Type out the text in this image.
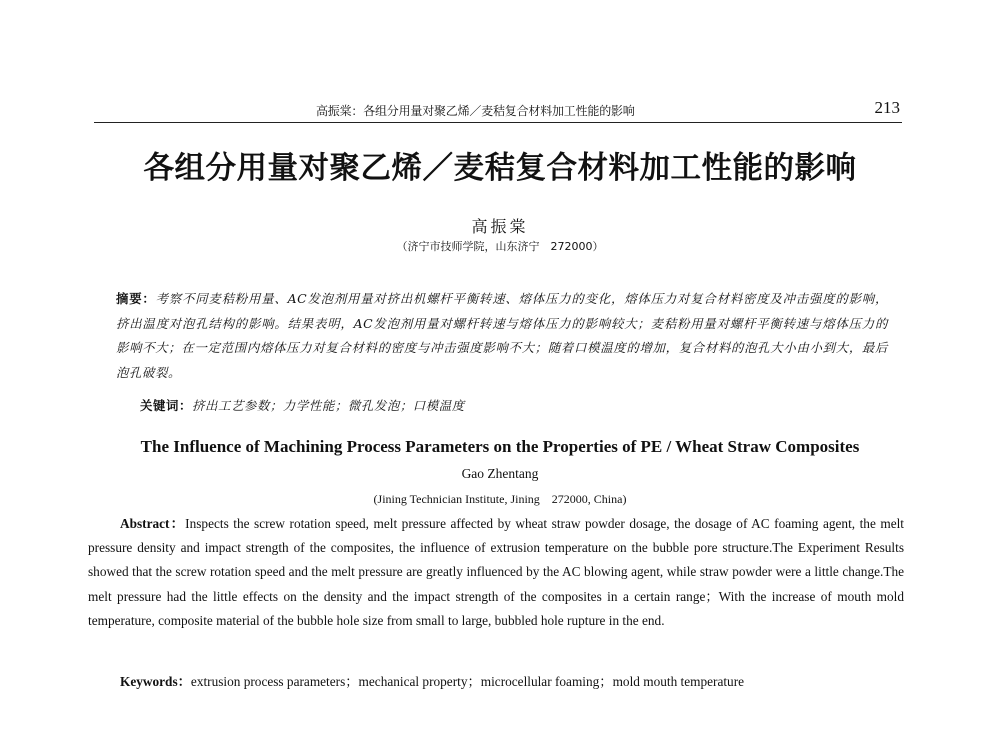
高振棠：各组分用量对聚乙烯／麦秸复合材料加工性能的影响	213
各组分用量对聚乙烯／麦秸复合材料加工性能的影响
高振棠
（济宁市技师学院，山东济宁　272000）
摘要：考察不同麦秸粉用量、AC发泡剂用量对挤出机螺杆平衡转速、熔体压力的变化，熔体压力对复合材料密度及冲击强度的影响，挤出温度对泡孔结构的影响。结果表明，AC发泡剂用量对螺杆转速与熔体压力的影响较大；麦秸粉用量对螺杆平衡转速与熔体压力的影响不大；在一定范围内熔体压力对复合材料的密度与冲击强度影响不大；随着口模温度的增加，复合材料的泡孔大小由小到大，最后泡孔破裂。
关键词：挤出工艺参数；力学性能；微孔发泡；口模温度
The Influence of Machining Process Parameters on the Properties of PE / Wheat Straw Composites
Gao Zhentang
(Jining Technician Institute, Jining　272000, China)
Abstract：Inspects the screw rotation speed, melt pressure affected by wheat straw powder dosage, the dosage of AC foaming agent, the melt pressure density and impact strength of the composites, the influence of extrusion temperature on the bubble pore structure.The Experiment Results showed that the screw rotation speed and the melt pressure are greatly influenced by the AC blowing agent, while straw powder were a little change.The melt pressure had the little effects on the density and the impact strength of the composites in a certain range；With the increase of mouth mold temperature, composite material of the bubble hole size from small to large, bubbled hole rupture in the end.
Keywords：extrusion process parameters；mechanical property；microcellular foaming；mold mouth temperature
